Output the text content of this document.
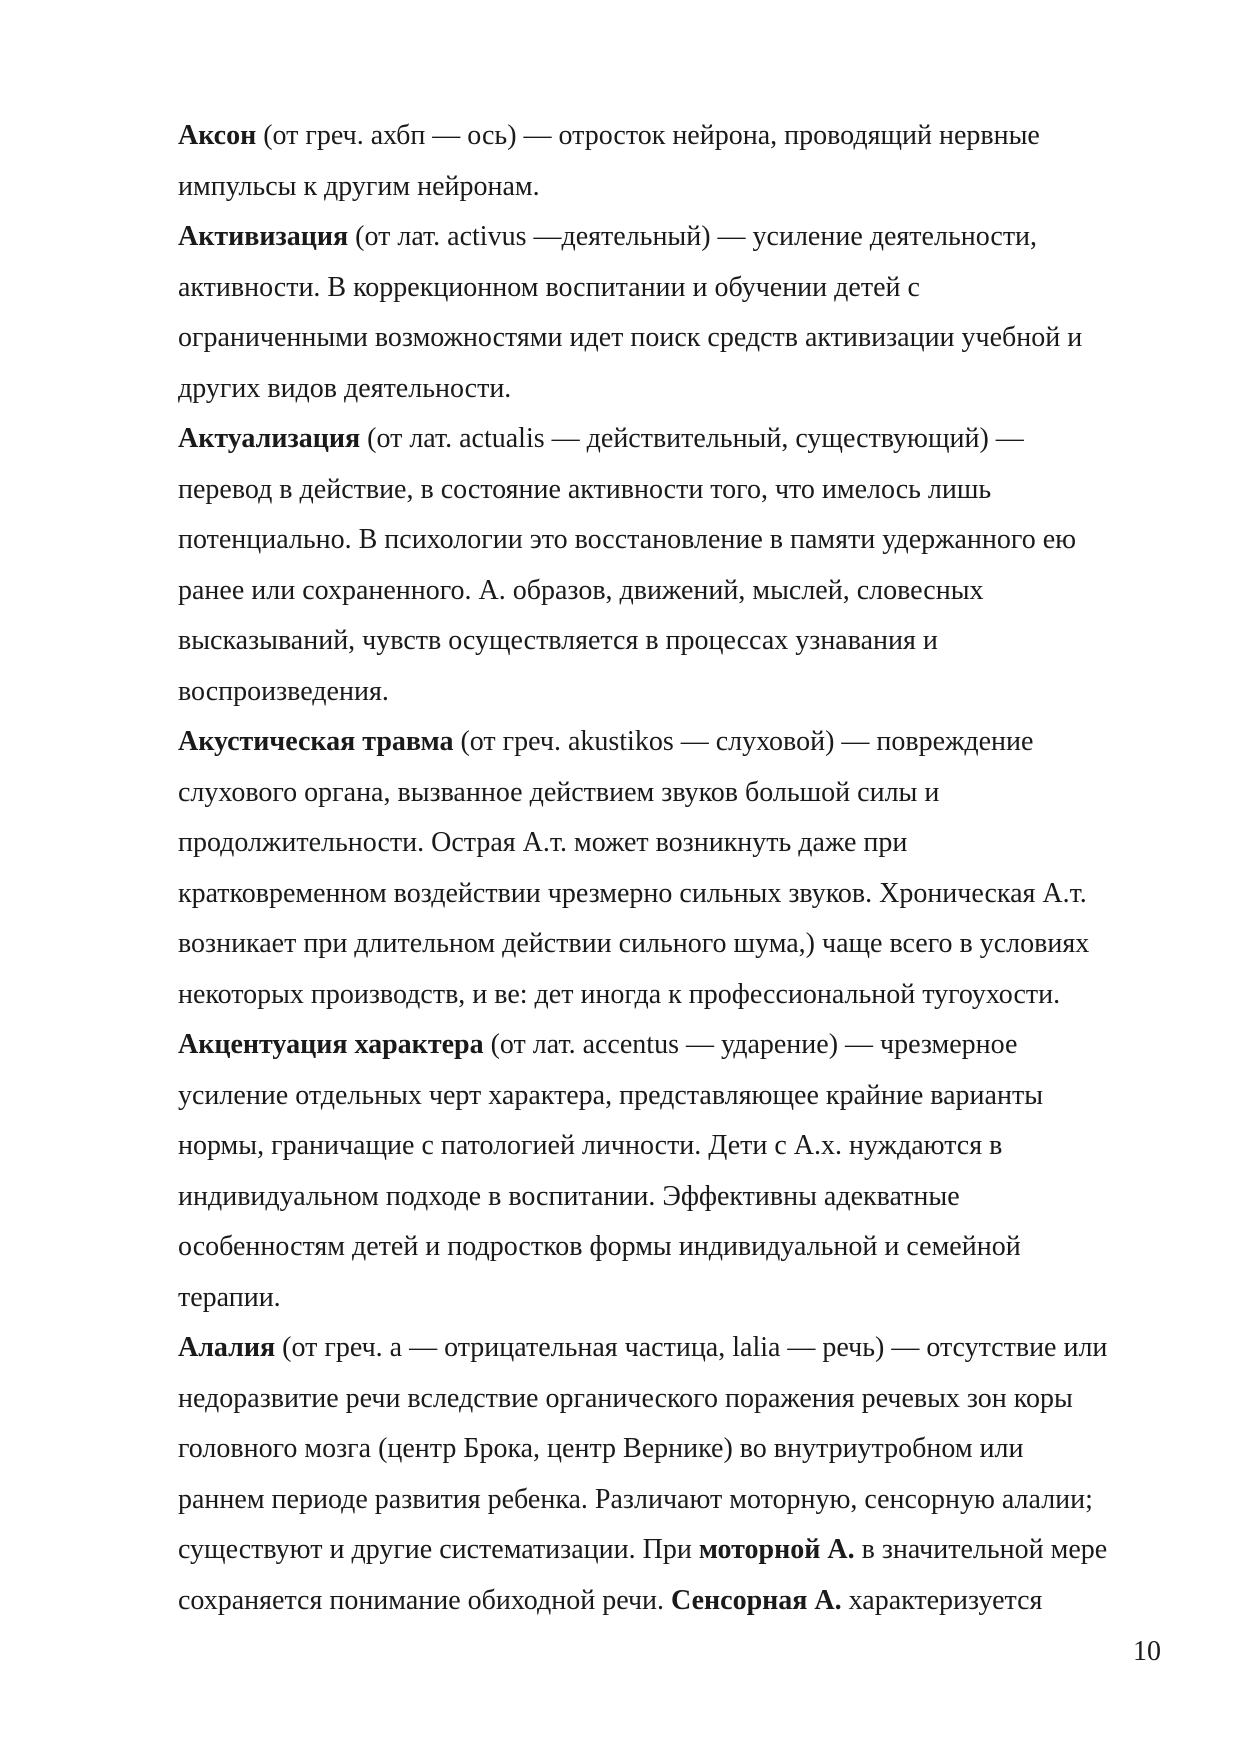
Аксон (от греч. ахбп — ось) — отросток нейрона, проводящий нервные
импульсы к другим нейронам.
Активизация (от лат. activus —деятельный) — усиление деятельности,
активности. В коррекционном воспитании и обучении детей с
ограниченными возможностями идет поиск средств активизации учебной и
других видов деятельности.
Актуализация (от лат. actualis — действительный, существующий) —
перевод в действие, в состояние активности того, что имелось лишь
потенциально. В психологии это восстановление в памяти удержанного ею
ранее или сохраненного. А. образов, движений, мыслей, словесных
высказываний, чувств осуществляется в процессах узнавания и
воспроизведения.
Акустическая травма (от греч. akustikos — слуховой) — повреждение
слухового органа, вызванное действием звуков большой силы и
продолжительности. Острая А.т. может возникнуть даже при
кратковременном воздействии чрезмерно сильных звуков. Хроническая А.т.
возникает при длительном действии сильного шума,) чаще всего в условиях
некоторых производств, и ве: дет иногда к профессиональной тугоухости.
Акцентуация характера (от лат. accentus — ударение) — чрезмерное
усиление отдельных черт характера, представляющее крайние варианты
нормы, граничащие с патологией личности. Дети с А.х. нуждаются в
индивидуальном подходе в воспитании. Эффективны адекватные
особенностям детей и подростков формы индивидуальной и семейной
терапии.
Алалия (от греч. а — отрицательная частица, lalia — речь) — отсутствие или
недоразвитие речи вследствие органического поражения речевых зон коры
головного мозга (центр Брока, центр Вернике) во внутриутробном или
раннем периоде развития ребенка. Различают моторную, сенсорную алалии;
существуют и другие систематизации. При моторной А. в значительной мере
сохраняется понимание обиходной речи. Сенсорная А. характеризуется
10
